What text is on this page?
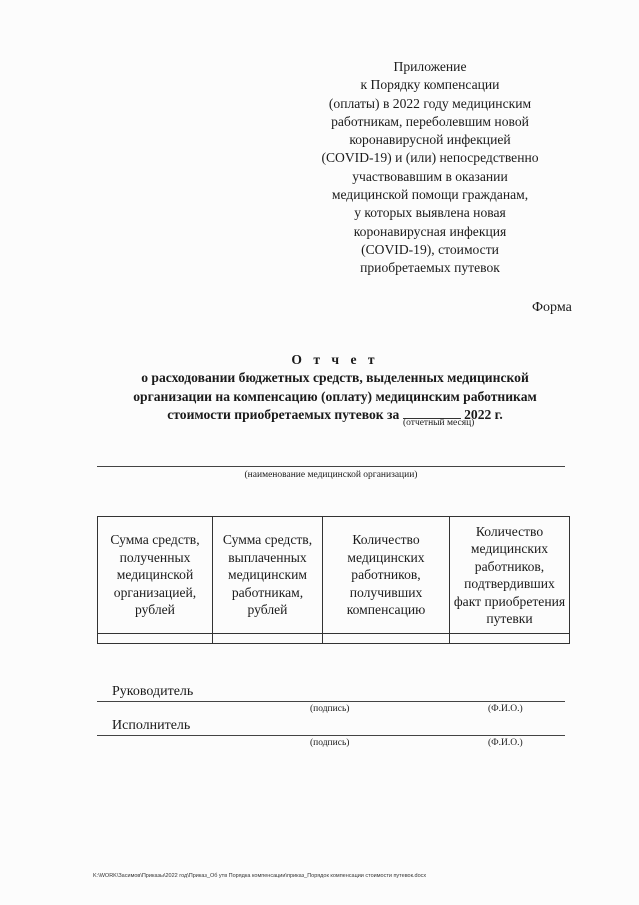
Приложение
к Порядку компенсации
(оплаты) в 2022 году медицинским
работникам, переболевшим новой
коронавирусной инфекцией
(COVID-19) и (или) непосредственно
участвовавшим в оказании
медицинской помощи гражданам,
у которых выявлена новая
коронавирусная инфекция
(COVID-19), стоимости
приобретаемых путевок
Форма
О т ч е т
о расходовании бюджетных средств, выделенных медицинской
организации на компенсацию (оплату) медицинским работникам
стоимости приобретаемых путевок за	2022 г.
(отчетный месяц)
(наименование медицинской организации)
Сумма средств, полученных медицинской организацией, рублей	Сумма средств, выплаченных медицинским работникам, рублей	Количество медицинских работников, получивших компенсацию	Количество медицинских работников, подтвердивших факт приобретения путевки

Руководитель
(подпись)	(Ф.И.О.)
Исполнитель
(подпись)	(Ф.И.О.)
K:\WORK\Засимов\Приказы\2022 год\Приказ_Об утв Порядка компенсации\приказ_Порядок компенсации стоимости путевок.docx
